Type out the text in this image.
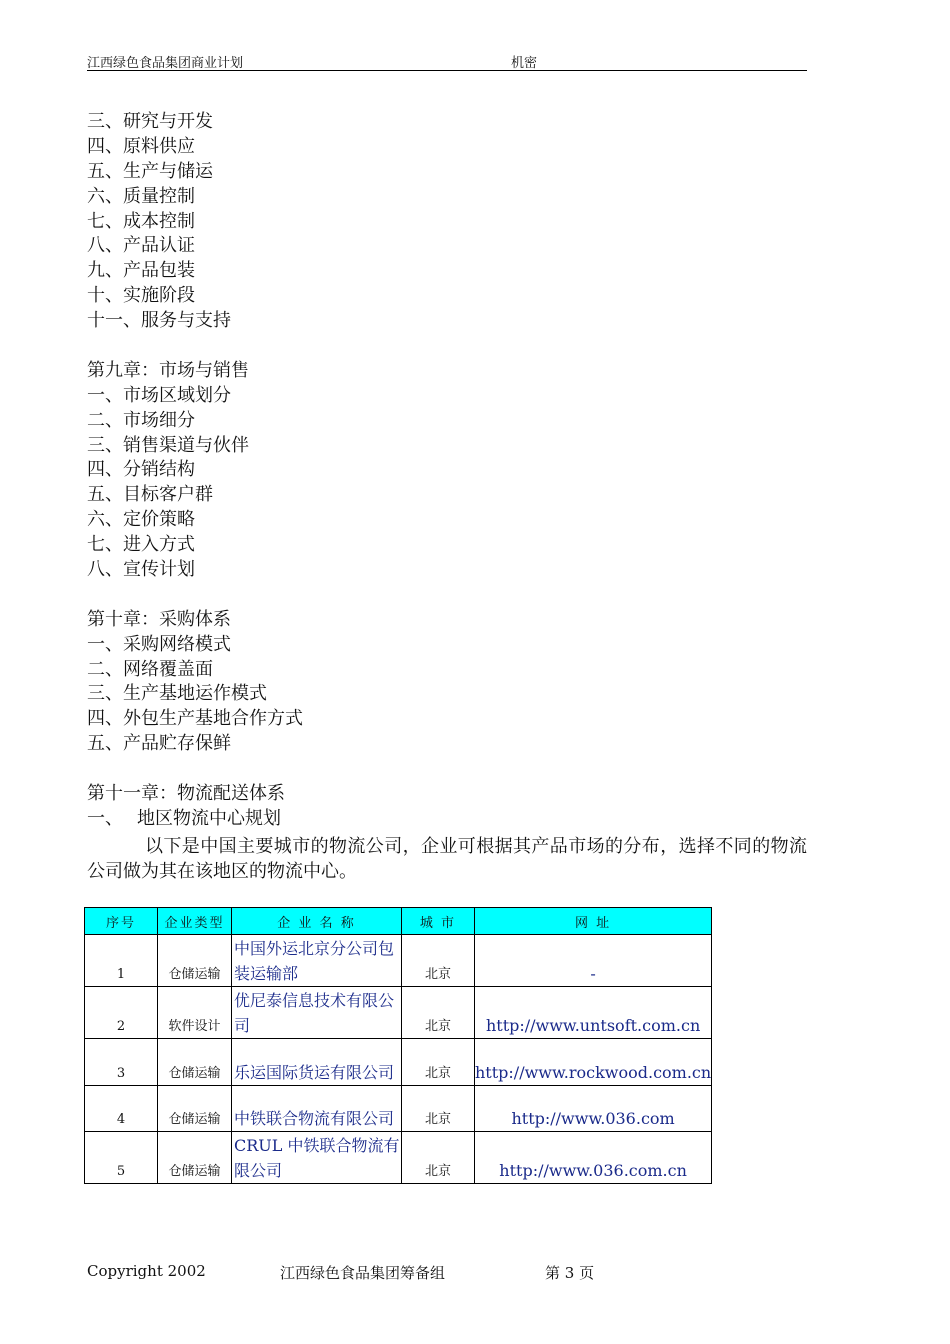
江西绿色食品集团商业计划	机密
三、研究与开发
四、原料供应
五、生产与储运
六、质量控制
七、成本控制
八、产品认证
九、产品包装
十、实施阶段
十一、服务与支持
第九章：市场与销售
一、市场区域划分
二、市场细分
三、销售渠道与伙伴
四、分销结构
五、目标客户群
六、定价策略
七、进入方式
八、宣传计划
第十章：采购体系
一、采购网络模式
二、网络覆盖面
三、生产基地运作模式
四、外包生产基地合作方式
五、产品贮存保鲜
第十一章：物流配送体系
一、 地区物流中心规划
以下是中国主要城市的物流公司，企业可根据其产品市场的分布，选择不同的物流公司做为其在该地区的物流中心。
序号	企业类型	企 业 名 称	城 市	网 址
1	仓储运输	中国外运北京分公司包装运输部	北京	-
2	软件设计	优尼泰信息技术有限公司	北京	http://www.untsoft.com.cn
3	仓储运输	乐运国际货运有限公司	北京	http://www.rockwood.com.cn
4	仓储运输	中铁联合物流有限公司	北京	http://www.036.com
5	仓储运输	CRUL 中铁联合物流有限公司	北京	http://www.036.com.cn
Copyright 2002	江西绿色食品集团筹备组	第 3 页
